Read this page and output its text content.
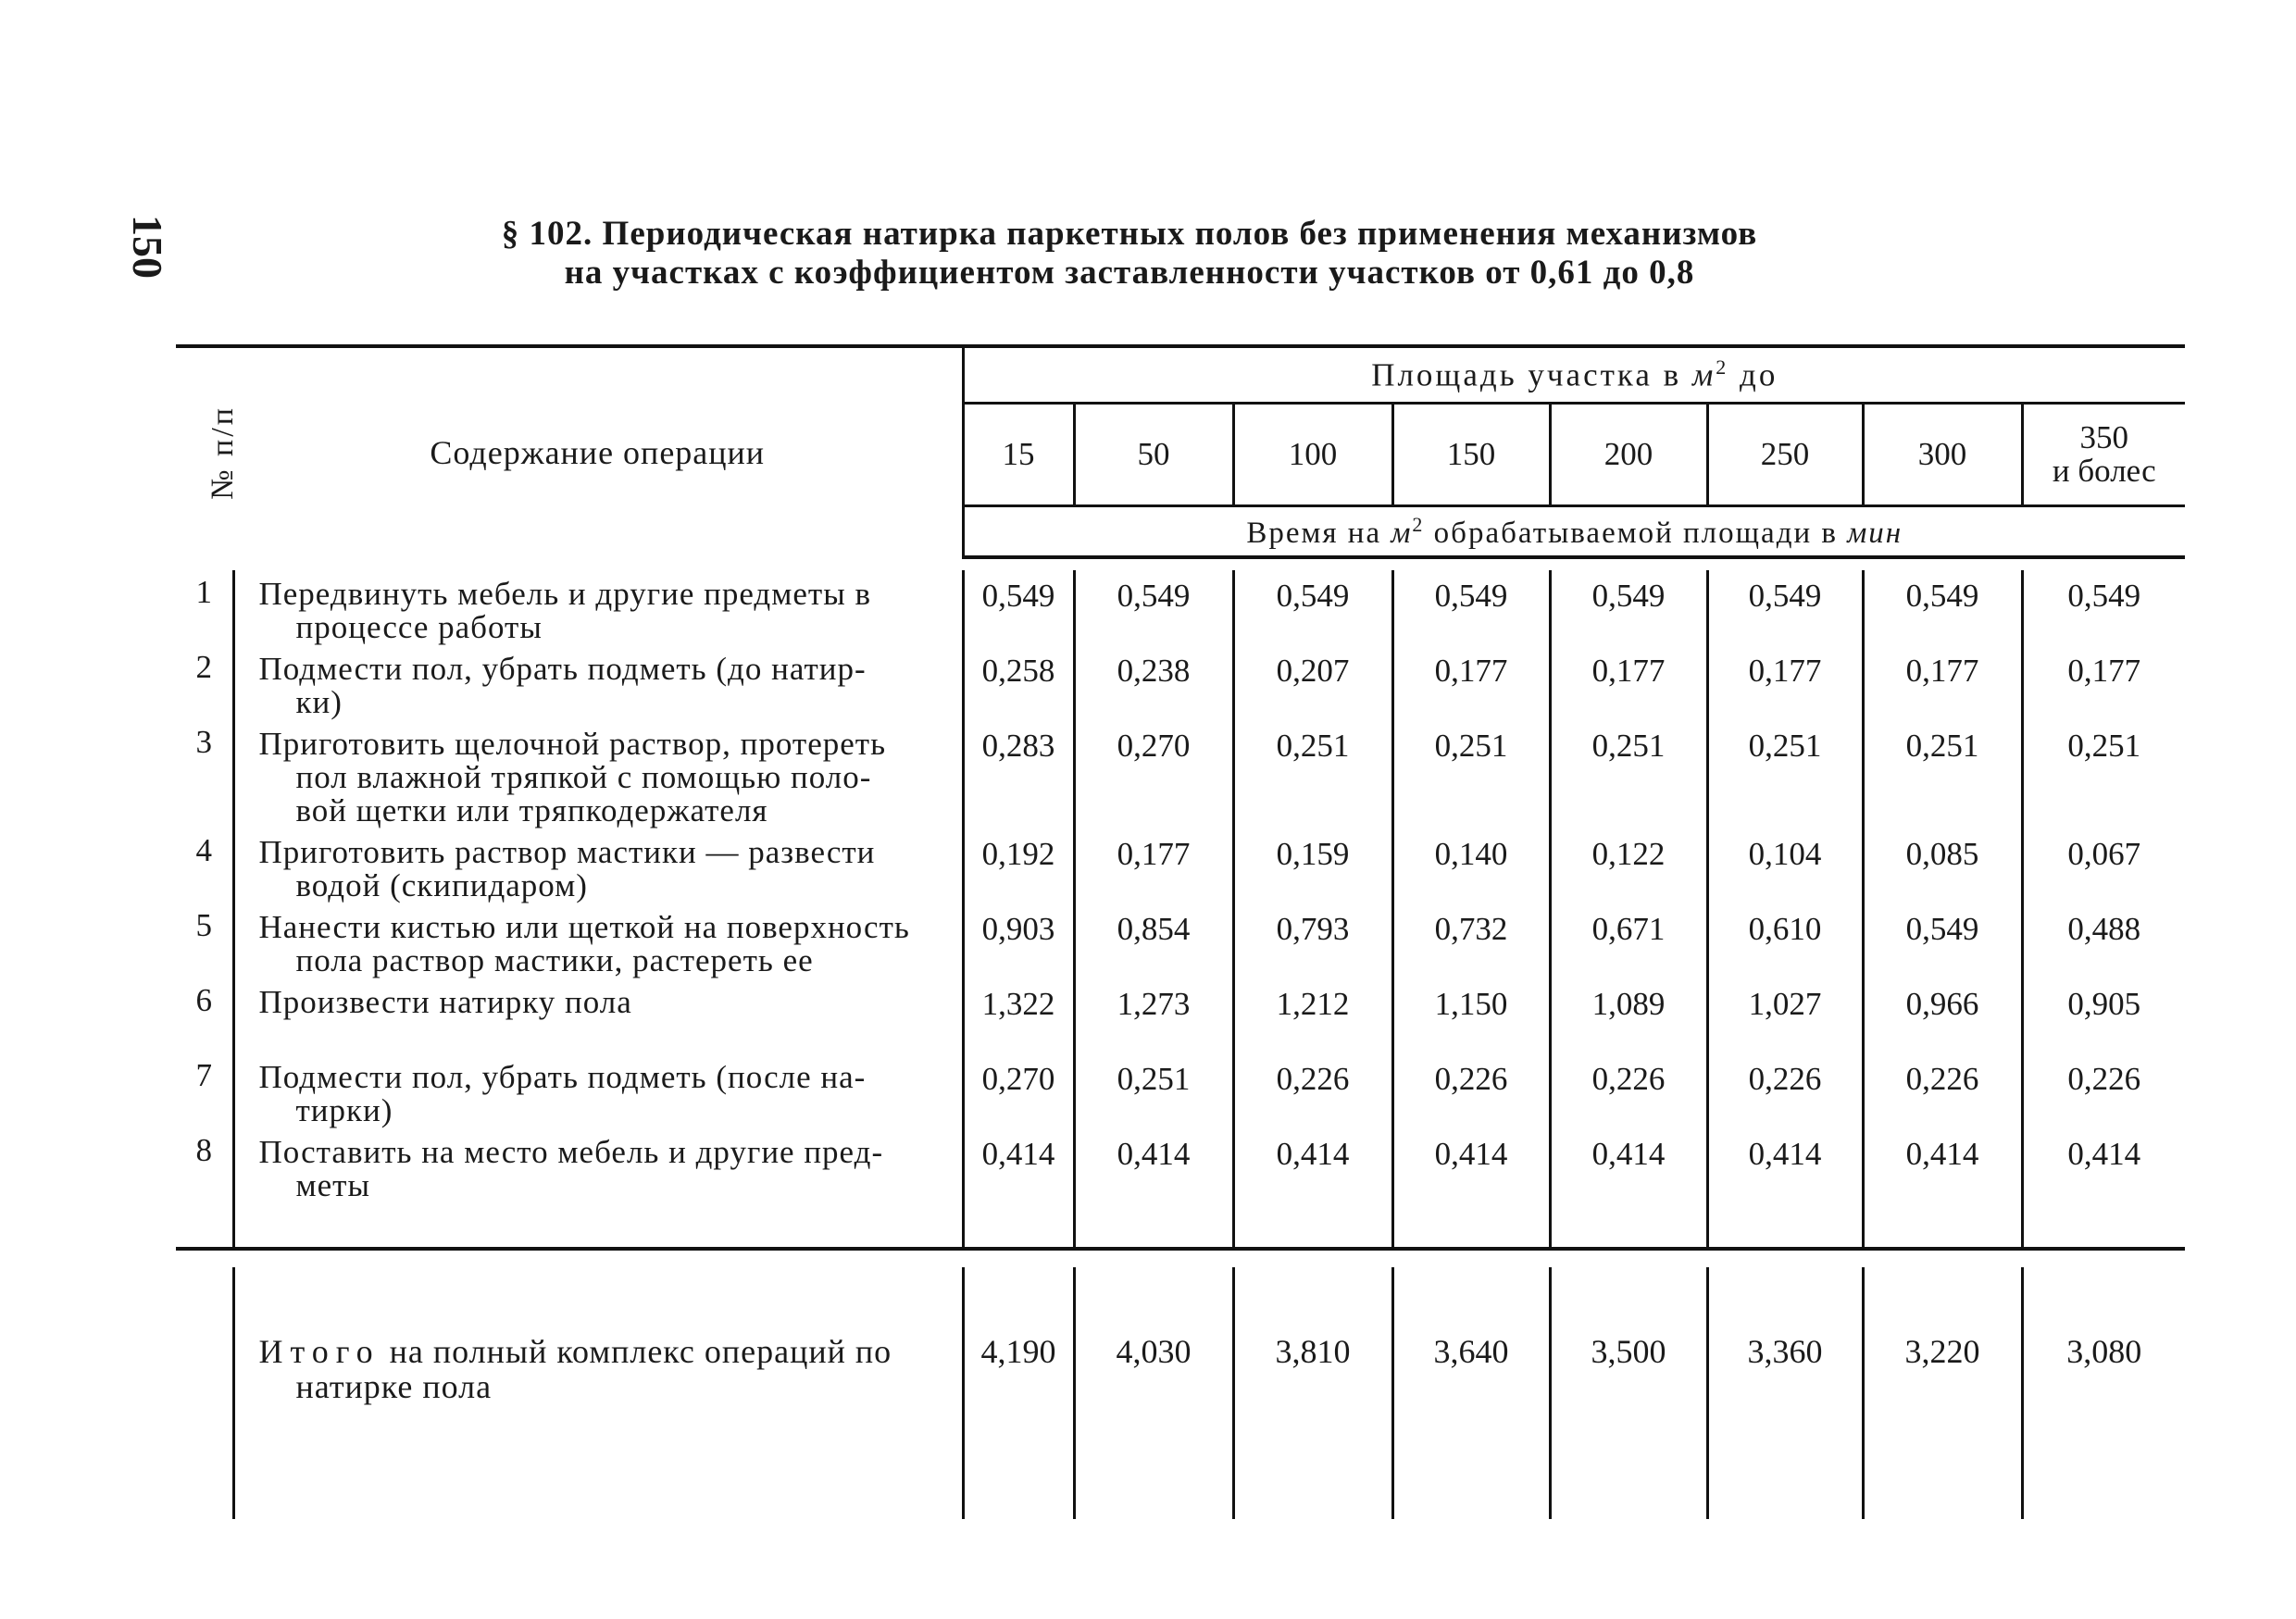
150	§ 102. Периодическая натирка паркетных полов без применения механизмов
на участках с коэффициентом заставленности участков от 0,61 до 0,8
№ п/п	Содержание операции	Площадь участка в $м^2$ до							
		15	50	100	150	200	250	300	350
и болес

		Время на $м^2$ обрабатываемой площади в мин							

1	Передвинуть мебель и другие предметы в
процессе работы	0,549	0,549	0,549	0,549	0,549	0,549	0,549	0,549
2	Подмести пол, убрать подметь (до натир-
ки)	0,258	0,238	0,207	0,177	0,177	0,177	0,177	0,177
3	Приготовить щелочной раствор, протереть
пол влажной тряпкой с помощью поло-
вой щетки или тряпкодержателя	0,283	0,270	0,251	0,251	0,251	0,251	0,251	0,251
4	Приготовить раствор мастики — развести
водой (скипидаром)	0,192	0,177	0,159	0,140	0,122	0,104	0,085	0,067
5	Нанести кистью или щеткой на поверхность
пола раствор мастики, растереть ее	0,903	0,854	0,793	0,732	0,671	0,610	0,549	0,488
6	Произвести натирку пола	1,322	1,273	1,212	1,150	1,089	1,027	0,966	0,905
7	Подмести пол, убрать подметь (после на-
тирки)	0,270	0,251	0,226	0,226	0,226	0,226	0,226	0,226
8	Поставить на место мебель и другие пред-
меты	0,414	0,414	0,414	0,414	0,414	0,414	0,414	0,414

	Итого на полный комплекс операций по
натирке пола	4,190	4,030	3,810	3,640	3,500	3,360	3,220	3,080
